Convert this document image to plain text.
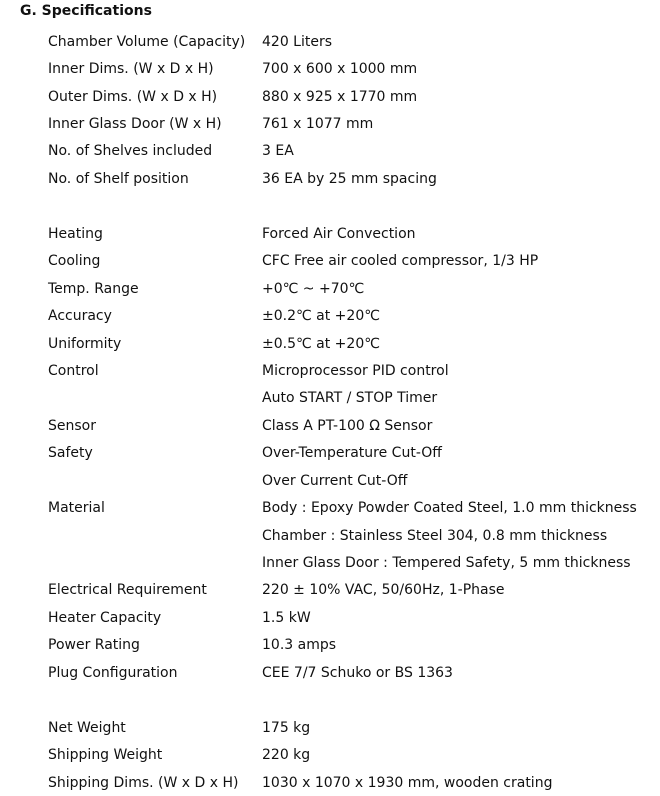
G. Specifications
Chamber Volume (Capacity)	420 Liters
Inner Dims. (W x D x H)	700 x 600 x 1000 mm
Outer Dims. (W x D x H)	880 x 925 x 1770 mm
Inner Glass Door (W x H)	761 x 1077 mm
No. of Shelves included	3 EA
No. of Shelf position	36 EA by 25 mm spacing
Heating	Forced Air Convection
Cooling	CFC Free air cooled compressor, 1/3 HP
Temp. Range	+0℃ ~ +70℃
Accuracy	±0.2℃ at +20℃
Uniformity	±0.5℃ at +20℃
Control	Microprocessor PID control
Auto START / STOP Timer
Sensor	Class A PT-100 Ω Sensor
Safety	Over-Temperature Cut-Off
Over Current Cut-Off
Material	Body : Epoxy Powder Coated Steel, 1.0 mm thickness
Chamber : Stainless Steel 304, 0.8 mm thickness
Inner Glass Door : Tempered Safety, 5 mm thickness
Electrical Requirement	220 ± 10% VAC, 50/60Hz, 1-Phase
Heater Capacity	1.5 kW
Power Rating	10.3 amps
Plug Configuration	CEE 7/7 Schuko or BS 1363
Net Weight	175 kg
Shipping Weight	220 kg
Shipping Dims. (W x D x H)	1030 x 1070 x 1930 mm, wooden crating
